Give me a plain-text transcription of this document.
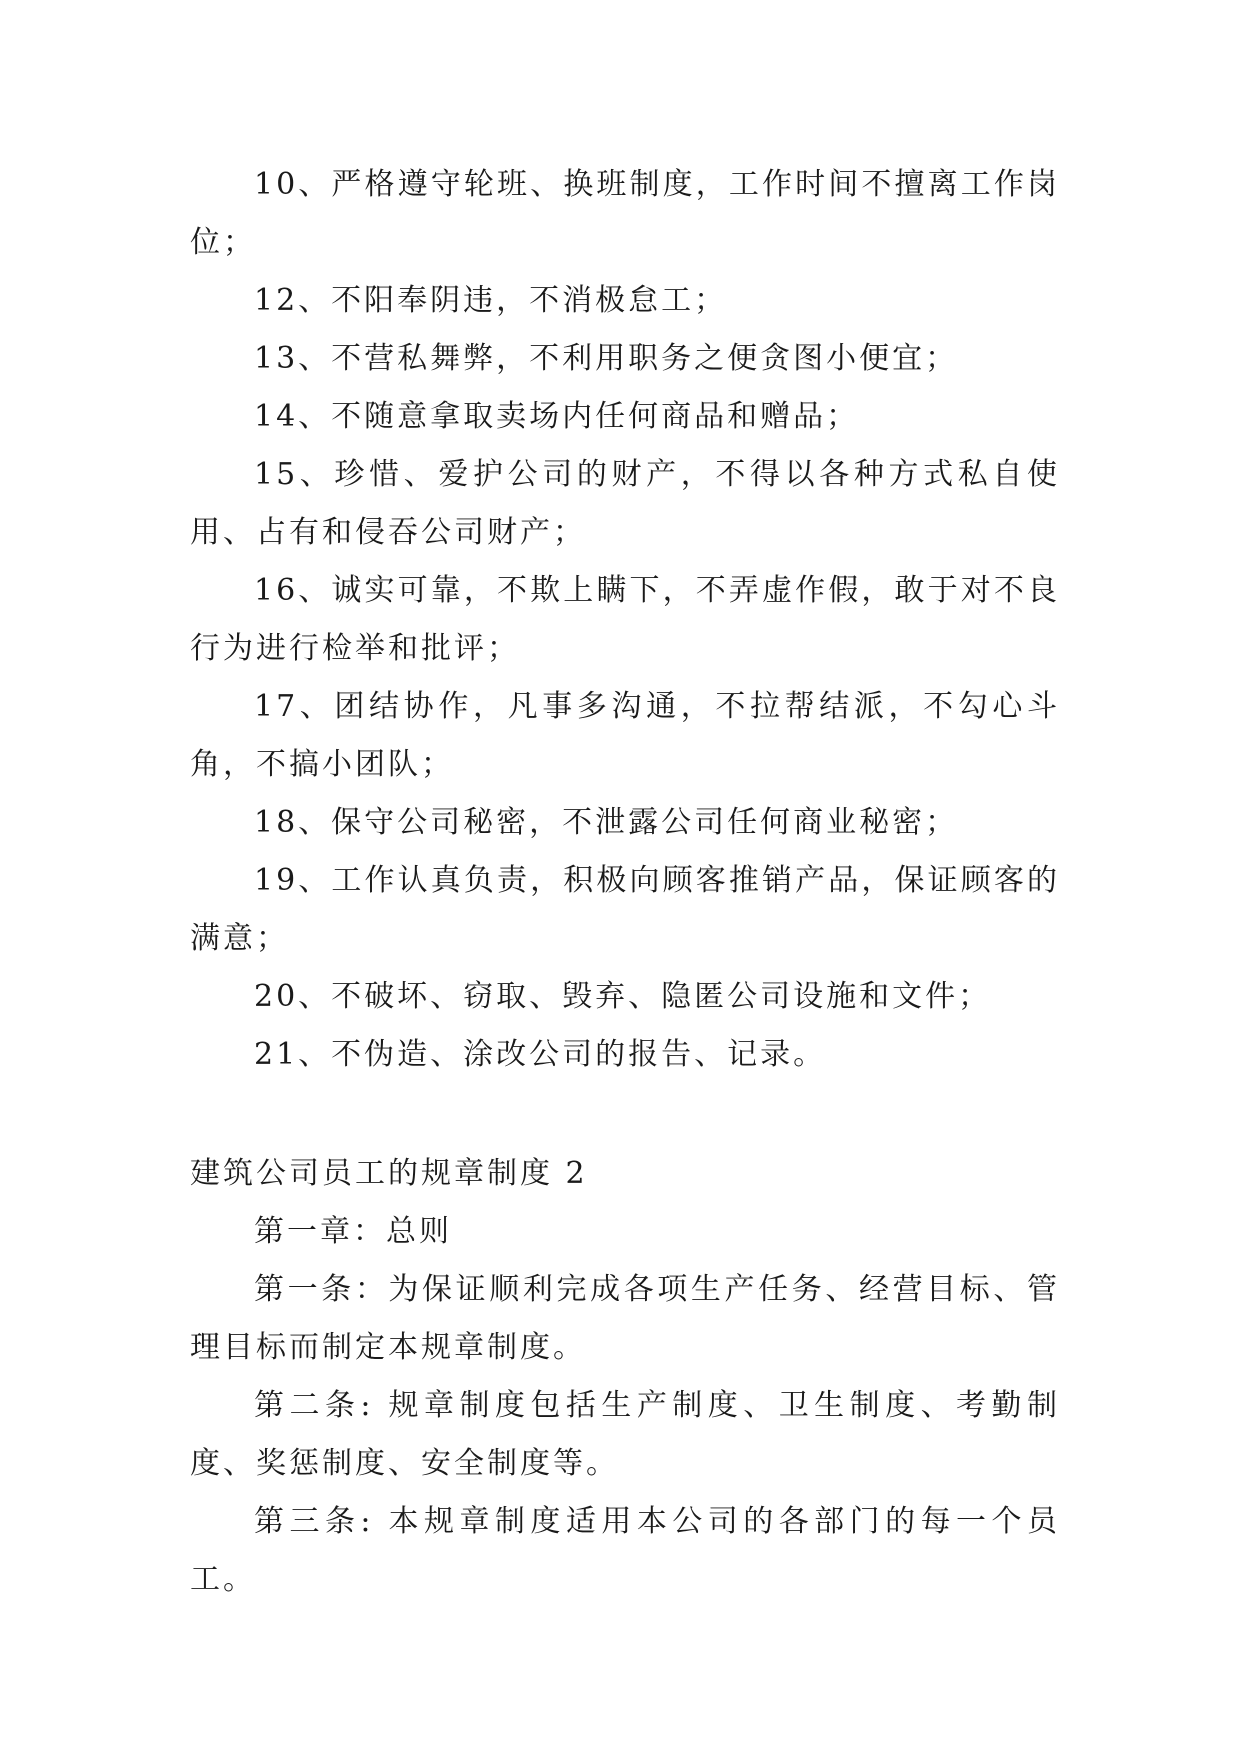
10、严格遵守轮班、换班制度，工作时间不擅离工作岗位；

12、不阳奉阴违，不消极怠工；

13、不营私舞弊，不利用职务之便贪图小便宜；

14、不随意拿取卖场内任何商品和赠品；

15、珍惜、爱护公司的财产，不得以各种方式私自使用、占有和侵吞公司财产；

16、诚实可靠，不欺上瞒下，不弄虚作假，敢于对不良行为进行检举和批评；

17、团结协作，凡事多沟通，不拉帮结派，不勾心斗角，不搞小团队；

18、保守公司秘密，不泄露公司任何商业秘密；

19、工作认真负责，积极向顾客推销产品，保证顾客的满意；

20、不破坏、窃取、毁弃、隐匿公司设施和文件；

21、不伪造、涂改公司的报告、记录。

建筑公司员工的规章制度 2

第一章：总则

第一条：为保证顺利完成各项生产任务、经营目标、管理目标而制定本规章制度。

第二条: 规章制度包括生产制度、卫生制度、考勤制度、奖惩制度、安全制度等。

第三条: 本规章制度适用本公司的各部门的每一个员工。
